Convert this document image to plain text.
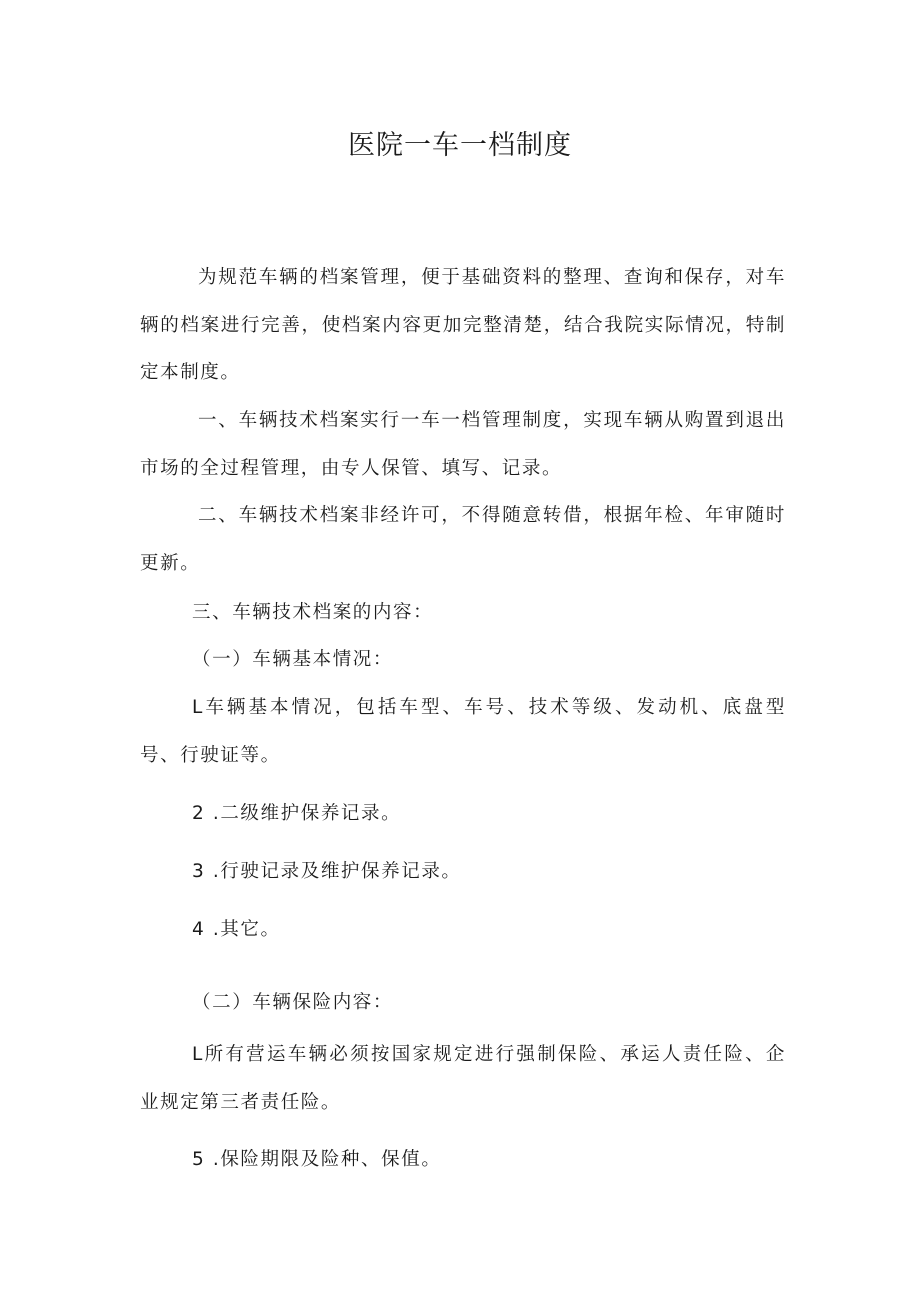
医院一车一档制度

为规范车辆的档案管理，便于基础资料的整理、查询和保存，对车辆的档案进行完善，使档案内容更加完整清楚，结合我院实际情况，特制定本制度。

一、车辆技术档案实行一车一档管理制度，实现车辆从购置到退出市场的全过程管理，由专人保管、填写、记录。

二、车辆技术档案非经许可，不得随意转借，根据年检、年审随时更新。

三、车辆技术档案的内容：

（一）车辆基本情况：

L车辆基本情况，包括车型、车号、技术等级、发动机、底盘型号、行驶证等。

2 .二级维护保养记录。

3 .行驶记录及维护保养记录。

4 .其它。

（二）车辆保险内容：

L所有营运车辆必须按国家规定进行强制保险、承运人责任险、企业规定第三者责任险。

5 .保险期限及险种、保值。
